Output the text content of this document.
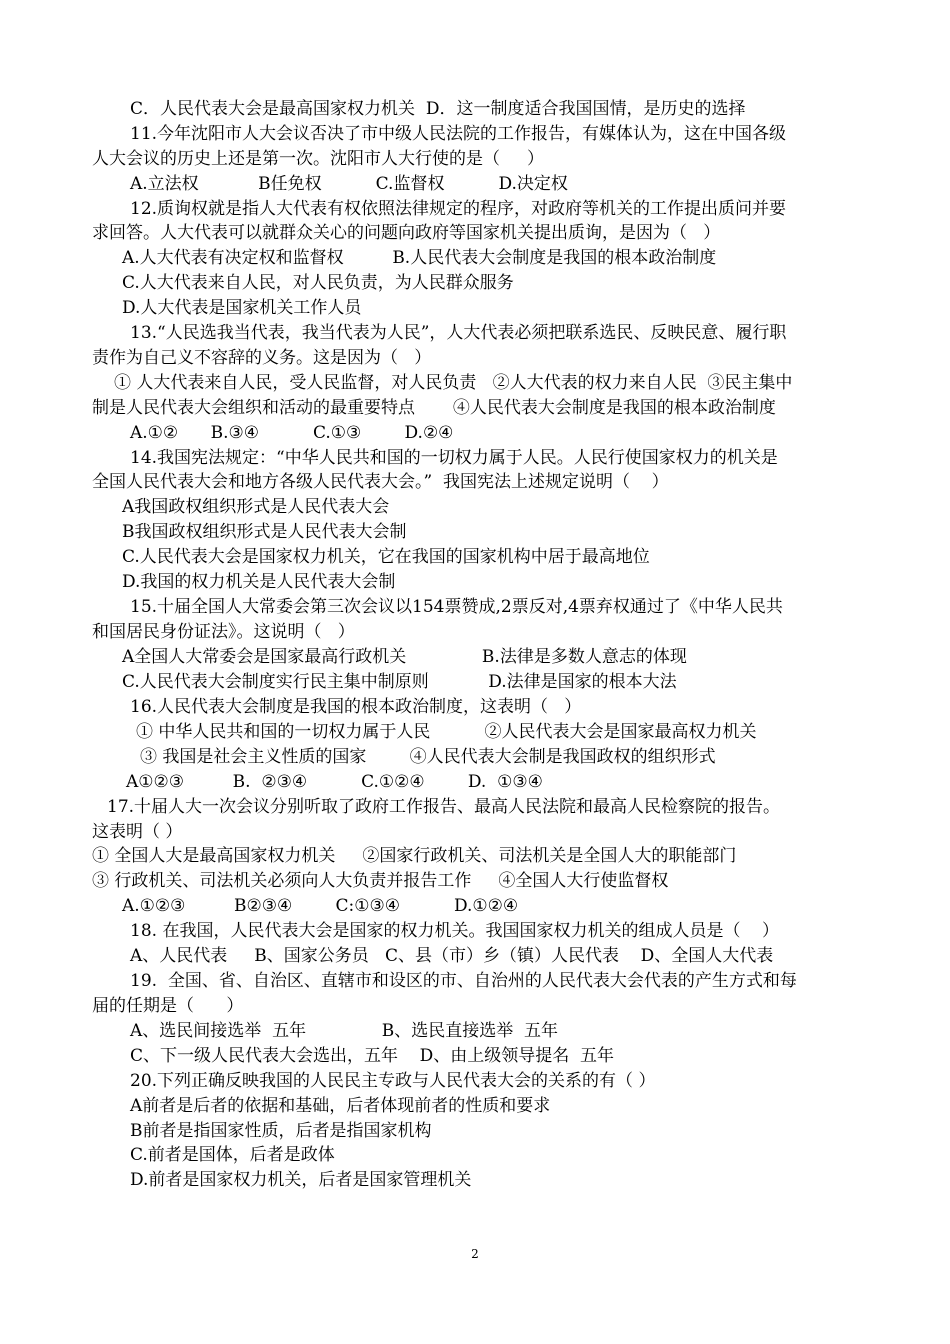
C．人民代表大会是最高国家权力机关  D．这一制度适合我国国情，是历史的选择
11.今年沈阳市人大会议否决了市中级人民法院的工作报告，有媒体认为，这在中国各级
人大会议的历史上还是第一次。沈阳市人大行使的是（     ）
A.立法权           B任免权          C.监督权          D.决定权
12.质询权就是指人大代表有权依照法律规定的程序，对政府等机关的工作提出质问并要
求回答。人大代表可以就群众关心的问题向政府等国家机关提出质询，是因为（   ）
A.人大代表有决定权和监督权         B.人民代表大会制度是我国的根本政治制度
C.人大代表来自人民，对人民负责，为人民群众服务
D.人大代表是国家机关工作人员
13.“人民选我当代表，我当代表为人民”，人大代表必须把联系选民、反映民意、履行职
责作为自己义不容辞的义务。这是因为（   ）
① 人大代表来自人民，受人民监督，对人民负责   ②人大代表的权力来自人民  ③民主集中
制是人民代表大会组织和活动的最重要特点       ④人民代表大会制度是我国的根本政治制度
A.①②      B.③④          C.①③        D.②④
14.我国宪法规定：“中华人民共和国的一切权力属于人民。人民行使国家权力的机关是
全国人民代表大会和地方各级人民代表大会。”  我国宪法上述规定说明（    ）
A我国政权组织形式是人民代表大会
B我国政权组织形式是人民代表大会制
C.人民代表大会是国家权力机关，它在我国的国家机构中居于最高地位
D.我国的权力机关是人民代表大会制
15.十届全国人大常委会第三次会议以154票赞成,2票反对,4票弃权通过了《中华人民共
和国居民身份证法》。这说明（   ）
A全国人大常委会是国家最高行政机关              B.法律是多数人意志的体现
C.人民代表大会制度实行民主集中制原则           D.法律是国家的根本大法
16.人民代表大会制度是我国的根本政治制度，这表明（   ）
① 中华人民共和国的一切权力属于人民          ②人民代表大会是国家最高权力机关
③ 我国是社会主义性质的国家        ④人民代表大会制是我国政权的组织形式
A①②③         B.  ②③④          C.①②④        D.  ①③④
17.十届人大一次会议分别听取了政府工作报告、最高人民法院和最高人民检察院的报告。
这表明（ ）
① 全国人大是最高国家权力机关     ②国家行政机关、司法机关是全国人大的职能部门
③ 行政机关、司法机关必须向人大负责并报告工作     ④全国人大行使监督权
A.①②③         B②③④        C:①③④          D.①②④
18. 在我国，人民代表大会是国家的权力机关。我国国家权力机关的组成人员是（    ）
A、人民代表     B、国家公务员   C、县（市）乡（镇）人民代表    D、全国人大代表
19.  全国、省、自治区、直辖市和设区的市、自治州的人民代表大会代表的产生方式和每
届的任期是（      ）
A、选民间接选举  五年              B、选民直接选举  五年
C、下一级人民代表大会选出，五年    D、由上级领导提名  五年
20.下列正确反映我国的人民民主专政与人民代表大会的关系的有（ ）
A前者是后者的依据和基础，后者体现前者的性质和要求
B前者是指国家性质，后者是指国家机构
C.前者是国体，后者是政体
D.前者是国家权力机关，后者是国家管理机关
2
